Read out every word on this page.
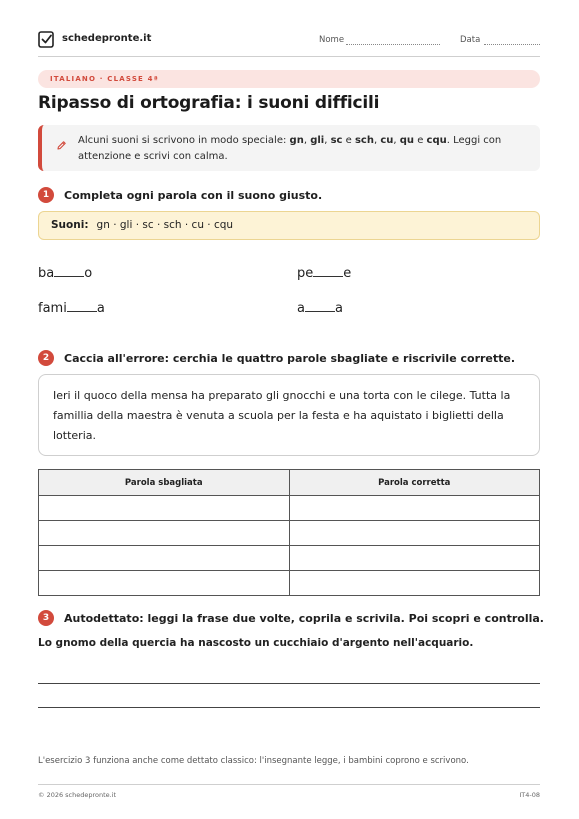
schedepronte.it	Nome	Data
ITALIANO · CLASSE 4ª
Ripasso di ortografia: i suoni difficili
Alcuni suoni si scrivono in modo speciale: gn, gli, sc e sch, cu, qu e cqu. Leggi con attenzione e scrivi con calma.
1	Completa ogni parola con il suono giusto.
Suoni: gn · gli · sc · sch · cu · cqu
ba o	pe e
fami a	a a
2	Caccia all'errore: cerchia le quattro parole sbagliate e riscrivile corrette.
Ieri il quoco della mensa ha preparato gli gnocchi e una torta con le cilege. Tutta la famillia della maestra è venuta a scuola per la festa e ha aquistato i biglietti della lotteria.
Parola sbagliata	Parola corretta

3	Autodettato: leggi la frase due volte, coprila e scrivila. Poi scopri e controlla.
Lo gnomo della quercia ha nascosto un cucchiaio d'argento nell'acquario.
L'esercizio 3 funziona anche come dettato classico: l'insegnante legge, i bambini coprono e scrivono.
© 2026 schedepronte.it	IT4-08
